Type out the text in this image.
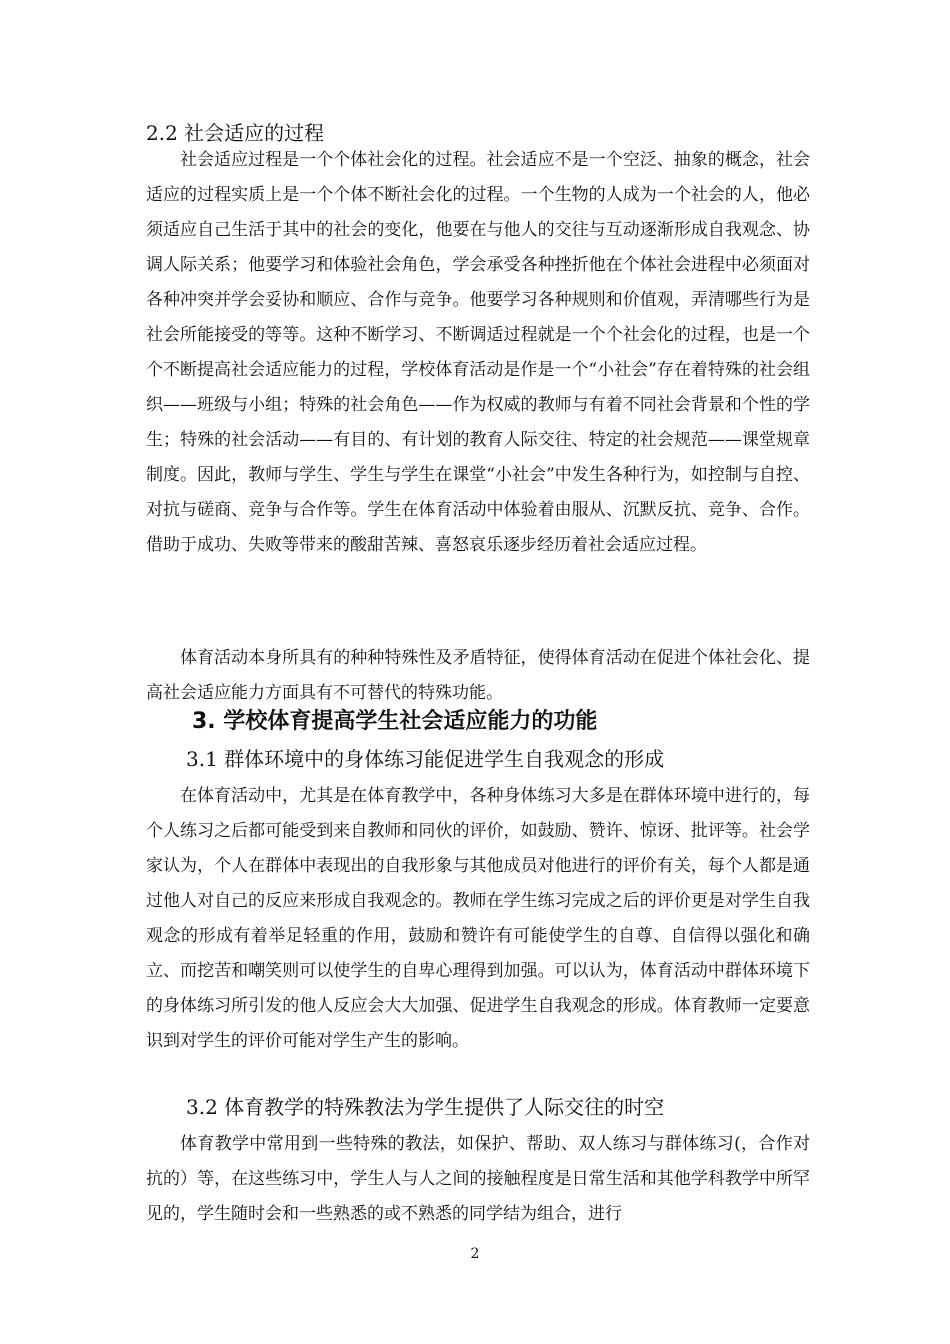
2.2 社会适应的过程

社会适应过程是一个个体社会化的过程。社会适应不是一个空泛、抽象的概念，社会适应的过程实质上是一个个体不断社会化的过程。一个生物的人成为一个社会的人，他必须适应自己生活于其中的社会的变化，他要在与他人的交往与互动逐渐形成自我观念、协调人际关系；他要学习和体验社会角色，学会承受各种挫折他在个体社会进程中必须面对各种冲突并学会妥协和顺应、合作与竞争。他要学习各种规则和价值观，弄清哪些行为是社会所能接受的等等。这种不断学习、不断调适过程就是一个个社会化的过程，也是一个个不断提高社会适应能力的过程，学校体育活动是作是一个“小社会”存在着特殊的社会组织——班级与小组；特殊的社会角色——作为权威的教师与有着不同社会背景和个性的学生；特殊的社会活动——有目的、有计划的教育人际交往、特定的社会规范——课堂规章制度。因此，教师与学生、学生与学生在课堂“小社会”中发生各种行为，如控制与自控、对抗与磋商、竞争与合作等。学生在体育活动中体验着由服从、沉默反抗、竞争、合作。借助于成功、失败等带来的酸甜苦辣、喜怒哀乐逐步经历着社会适应过程。

体育活动本身所具有的种种特殊性及矛盾特征，使得体育活动在促进个体社会化、提高社会适应能力方面具有不可替代的特殊功能。

3. 学校体育提高学生社会适应能力的功能
3.1 群体环境中的身体练习能促进学生自我观念的形成

在体育活动中，尤其是在体育教学中，各种身体练习大多是在群体环境中进行的，每个人练习之后都可能受到来自教师和同伙的评价，如鼓励、赞许、惊讶、批评等。社会学家认为，个人在群体中表现出的自我形象与其他成员对他进行的评价有关，每个人都是通过他人对自己的反应来形成自我观念的。教师在学生练习完成之后的评价更是对学生自我观念的形成有着举足轻重的作用，鼓励和赞许有可能使学生的自尊、自信得以强化和确立、而挖苦和嘲笑则可以使学生的自卑心理得到加强。可以认为，体育活动中群体环境下的身体练习所引发的他人反应会大大加强、促进学生自我观念的形成。体育教师一定要意识到对学生的评价可能对学生产生的影响。

3.2 体育教学的特殊教法为学生提供了人际交往的时空

体育教学中常用到一些特殊的教法，如保护、帮助、双人练习与群体练习(，合作对抗的）等，在这些练习中，学生人与人之间的接触程度是日常生活和其他学科教学中所罕见的，学生随时会和一些熟悉的或不熟悉的同学结为组合，进行

2
